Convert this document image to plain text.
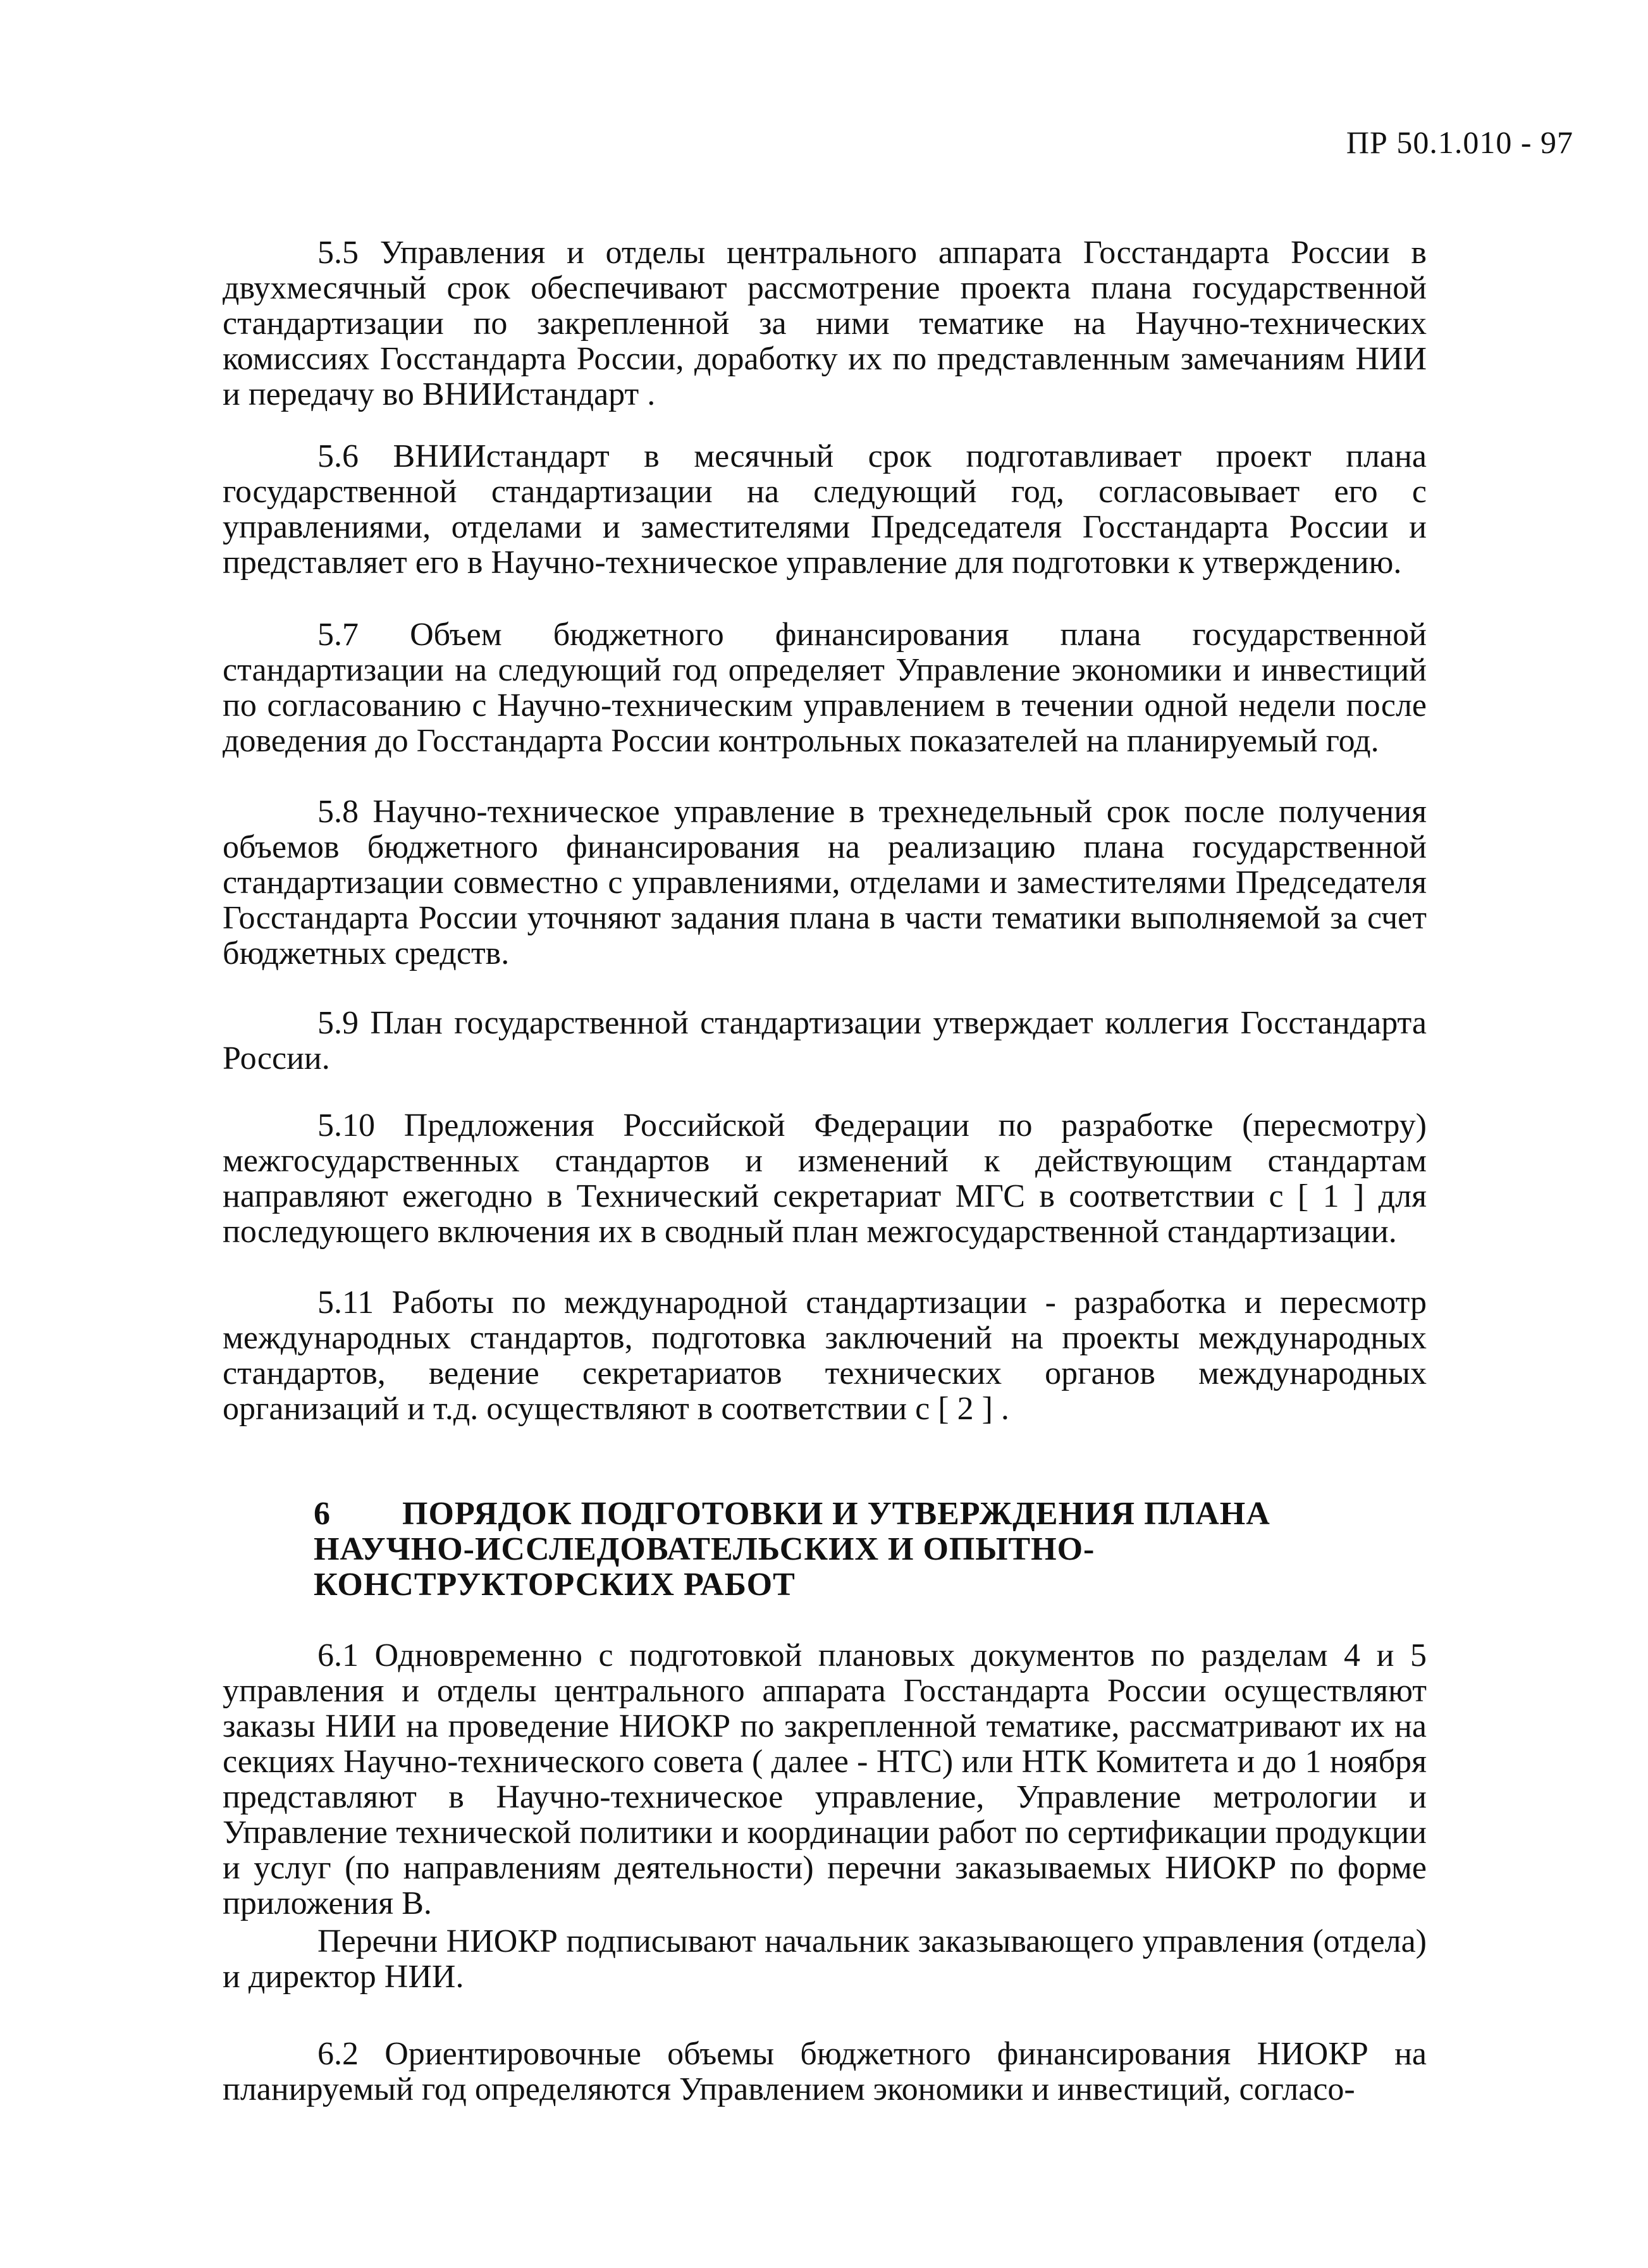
ПР 50.1.010 - 97

5.5 Управления и отделы центрального аппарата Госстандарта России в двухмесячный срок обеспечивают рассмотрение проекта плана государственной стандартизации по закрепленной за ними тематике на Научно-технических комиссиях Госстандарта России, доработку их по представленным замечаниям НИИ и передачу во ВНИИстандарт .

5.6 ВНИИстандарт в месячный срок подготавливает проект плана государственной стандартизации на следующий год, согласовывает его с управлениями, отделами и заместителями Председателя Госстандарта России и представляет его в Научно-техническое управление для подготовки к утверждению.

5.7 Объем бюджетного финансирования плана государственной стандартизации на следующий год определяет Управление экономики и инвестиций по согласованию с Научно-техническим управлением в течении одной недели после доведения до Госстандарта России контрольных показателей на планируемый год.

5.8 Научно-техническое управление в трехнедельный срок после получения объемов бюджетного финансирования на реализацию плана государственной стандартизации совместно с управлениями, отделами и заместителями Председателя Госстандарта России уточняют задания плана в части тематики выполняемой за счет бюджетных средств.

5.9 План государственной стандартизации утверждает коллегия Госстандарта России.

5.10 Предложения Российской Федерации по разработке (пересмотру) межгосударственных стандартов и изменений к действующим стандартам направляют ежегодно в Технический секретариат МГС в соответствии с [ 1 ] для последующего включения их в сводный план межгосударственной стандартизации.

5.11 Работы по международной стандартизации - разработка и пересмотр международных стандартов, подготовка заключений на проекты международных стандартов, ведение секретариатов технических органов международных организаций и т.д. осуществляют в соответствии с [ 2 ] .

6 ПОРЯДОК ПОДГОТОВКИ И УТВЕРЖДЕНИЯ ПЛАНА НАУЧНО-ИССЛЕДОВАТЕЛЬСКИХ И ОПЫТНО-КОНСТРУКТОРСКИХ РАБОТ

6.1 Одновременно с подготовкой плановых документов по разделам 4 и 5 управления и отделы центрального аппарата Госстандарта России осуществляют заказы НИИ на проведение НИОКР по закрепленной тематике, рассматривают их на секциях Научно-технического совета ( далее - НТС) или НТК Комитета и до 1 ноября представляют в Научно-техническое управление, Управление метрологии и Управление технической политики и координации работ по сертификации продукции и услуг (по направлениям деятельности) перечни заказываемых НИОКР по форме приложения В.

Перечни НИОКР подписывают начальник заказывающего управления (отдела) и директор НИИ.

6.2 Ориентировочные объемы бюджетного финансирования НИОКР на планируемый год определяются Управлением экономики и инвестиций, согласо-
